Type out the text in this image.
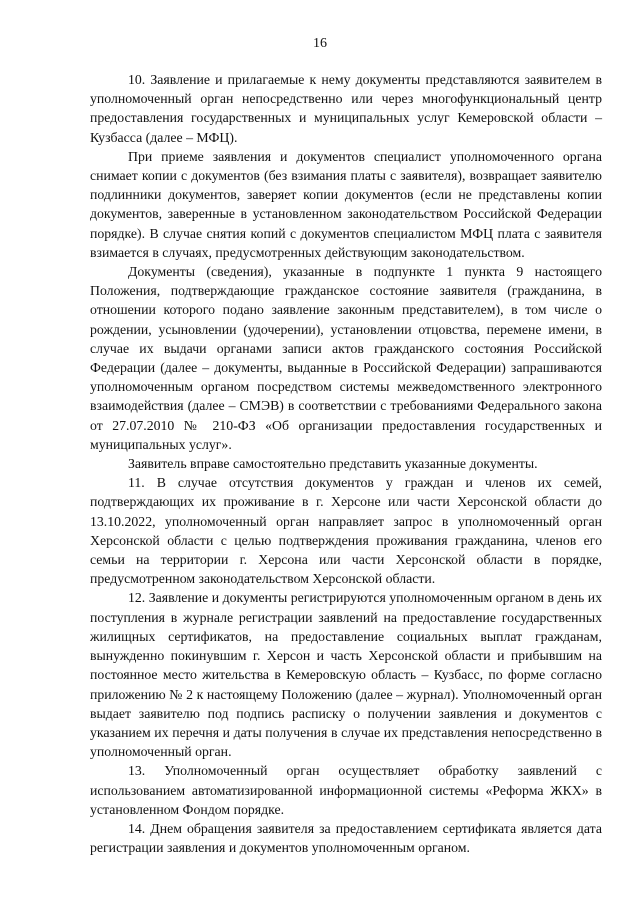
16

10. Заявление и прилагаемые к нему документы представляются заявителем в уполномоченный орган непосредственно или через многофункциональный центр предоставления государственных и муниципальных услуг Кемеровской области – Кузбасса (далее – МФЦ).

При приеме заявления и документов специалист уполномоченного органа снимает копии с документов (без взимания платы с заявителя), возвращает заявителю подлинники документов, заверяет копии документов (если не представлены копии документов, заверенные в установленном законодательством Российской Федерации порядке). В случае снятия копий с документов специалистом МФЦ плата с заявителя взимается в случаях, предусмотренных действующим законодательством.

Документы (сведения), указанные в подпункте 1 пункта 9 настоящего Положения, подтверждающие гражданское состояние заявителя (гражданина, в отношении которого подано заявление законным представителем), в том числе о рождении, усыновлении (удочерении), установлении отцовства, перемене имени, в случае их выдачи органами записи актов гражданского состояния Российской Федерации (далее – документы, выданные в Российской Федерации) запрашиваются уполномоченным органом посредством системы межведомственного электронного взаимодействия (далее – СМЭВ) в соответствии с требованиями Федерального закона от 27.07.2010 № 210-ФЗ «Об организации предоставления государственных и муниципальных услуг».

Заявитель вправе самостоятельно представить указанные документы.

11. В случае отсутствия документов у граждан и членов их семей, подтверждающих их проживание в г. Херсоне или части Херсонской области до 13.10.2022, уполномоченный орган направляет запрос в уполномоченный орган Херсонской области с целью подтверждения проживания гражданина, членов его семьи на территории г. Херсона или части Херсонской области в порядке, предусмотренном законодательством Херсонской области.

12. Заявление и документы регистрируются уполномоченным органом в день их поступления в журнале регистрации заявлений на предоставление государственных жилищных сертификатов, на предоставление социальных выплат гражданам, вынужденно покинувшим г. Херсон и часть Херсонской области и прибывшим на постоянное место жительства в Кемеровскую область – Кузбасс, по форме согласно приложению № 2 к настоящему Положению (далее – журнал). Уполномоченный орган выдает заявителю под подпись расписку о получении заявления и документов с указанием их перечня и даты получения в случае их представления непосредственно в уполномоченный орган.

13. Уполномоченный орган осуществляет обработку заявлений с использованием автоматизированной информационной системы «Реформа ЖКХ» в установленном Фондом порядке.

14. Днем обращения заявителя за предоставлением сертификата является дата регистрации заявления и документов уполномоченным органом.
